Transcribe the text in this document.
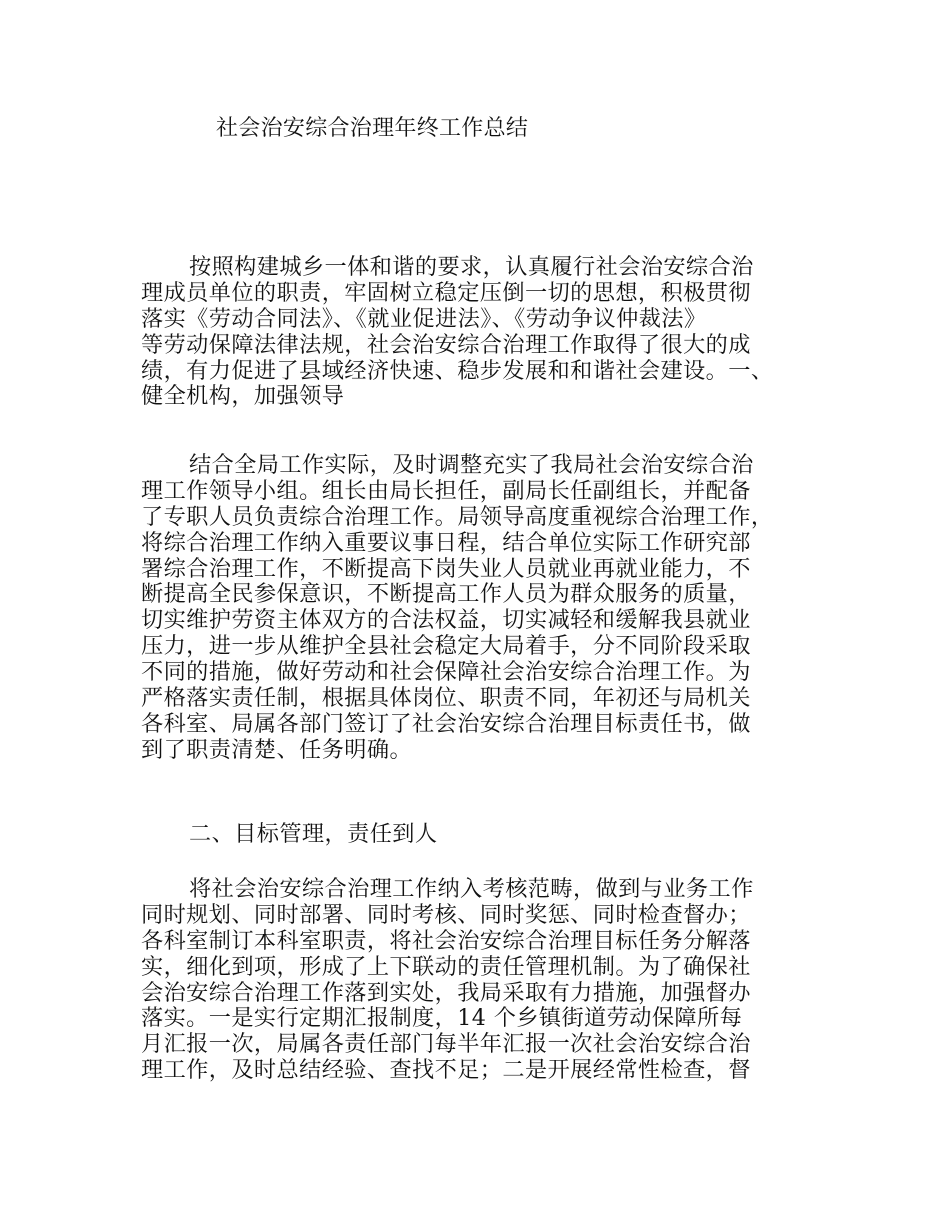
社会治安综合治理年终工作总结
按照构建城乡一体和谐的要求，认真履行社会治安综合治
理成员单位的职责，牢固树立稳定压倒一切的思想，积极贯彻
落实《劳动合同法》、《就业促进法》、《劳动争议仲裁法》
等劳动保障法律法规，社会治安综合治理工作取得了很大的成
绩，有力促进了县域经济快速、稳步发展和和谐社会建设。一、
健全机构，加强领导
结合全局工作实际，及时调整充实了我局社会治安综合治
理工作领导小组。组长由局长担任，副局长任副组长，并配备
了专职人员负责综合治理工作。局领导高度重视综合治理工作，
将综合治理工作纳入重要议事日程，结合单位实际工作研究部
署综合治理工作，不断提高下岗失业人员就业再就业能力，不
断提高全民参保意识，不断提高工作人员为群众服务的质量，
切实维护劳资主体双方的合法权益，切实减轻和缓解我县就业
压力，进一步从维护全县社会稳定大局着手，分不同阶段采取
不同的措施，做好劳动和社会保障社会治安综合治理工作。为
严格落实责任制，根据具体岗位、职责不同，年初还与局机关
各科室、局属各部门签订了社会治安综合治理目标责任书，做
到了职责清楚、任务明确。
二、目标管理，责任到人
将社会治安综合治理工作纳入考核范畴，做到与业务工作
同时规划、同时部署、同时考核、同时奖惩、同时检查督办；
各科室制订本科室职责，将社会治安综合治理目标任务分解落
实，细化到项，形成了上下联动的责任管理机制。为了确保社
会治安综合治理工作落到实处，我局采取有力措施，加强督办
落实。一是实行定期汇报制度，14 个乡镇街道劳动保障所每
月汇报一次，局属各责任部门每半年汇报一次社会治安综合治
理工作，及时总结经验、查找不足；二是开展经常性检查，督
